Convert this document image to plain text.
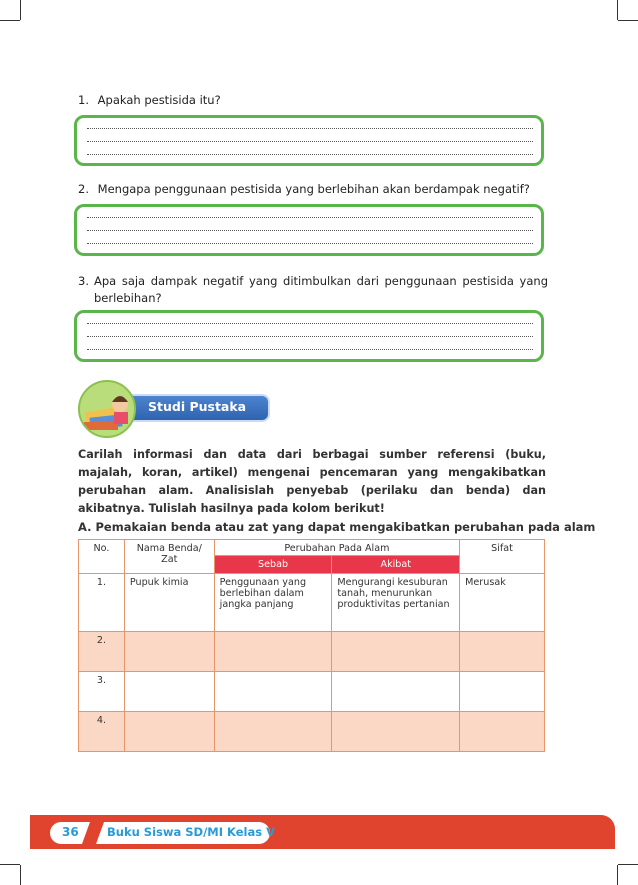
1. Apakah pestisida itu?
2. Mengapa penggunaan pestisida yang berlebihan akan berdampak negatif?
3. Apa saja dampak negatif yang ditimbulkan dari penggunaan pestisida yang berlebihan?
Studi Pustaka
Carilah informasi dan data dari berbagai sumber referensi (buku, majalah, koran, artikel) mengenai pencemaran yang mengakibatkan perubahan alam. Analisislah penyebab (perilaku dan benda) dan akibatnya. Tulislah hasilnya pada kolom berikut!
A. Pemakaian benda atau zat yang dapat mengakibatkan perubahan pada alam
No.	Nama Benda/ Zat	Perubahan Pada Alam		Sifat
		Sebab	Akibat	
1.	Pupuk kimia	Penggunaan yang berlebihan dalam jangka panjang	Mengurangi kesuburan tanah, menurunkan produktivitas pertanian	Merusak
2.				
3.				
4.				
36 Buku Siswa SD/MI Kelas V
